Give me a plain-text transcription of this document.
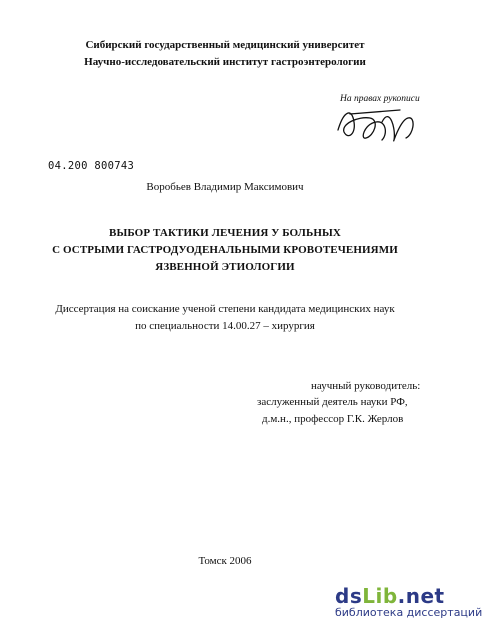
Сибирский государственный медицинский университет
Научно-исследовательский институт гастроэнтерологии
На правах рукописи
04.200 800743
Воробьев Владимир Максимович
ВЫБОР ТАКТИКИ ЛЕЧЕНИЯ У БОЛЬНЫХ
С ОСТРЫМИ ГАСТРОДУОДЕНАЛЬНЫМИ КРОВОТЕЧЕНИЯМИ
ЯЗВЕННОЙ ЭТИОЛОГИИ
Диссертация на соискание ученой степени кандидата медицинских наук
по специальности 14.00.27 – хирургия
научный руководитель:
заслуженный деятель науки РФ,
д.м.н., профессор Г.К. Жерлов
Томск 2006
dsLib.net
библиотека диссертаций
